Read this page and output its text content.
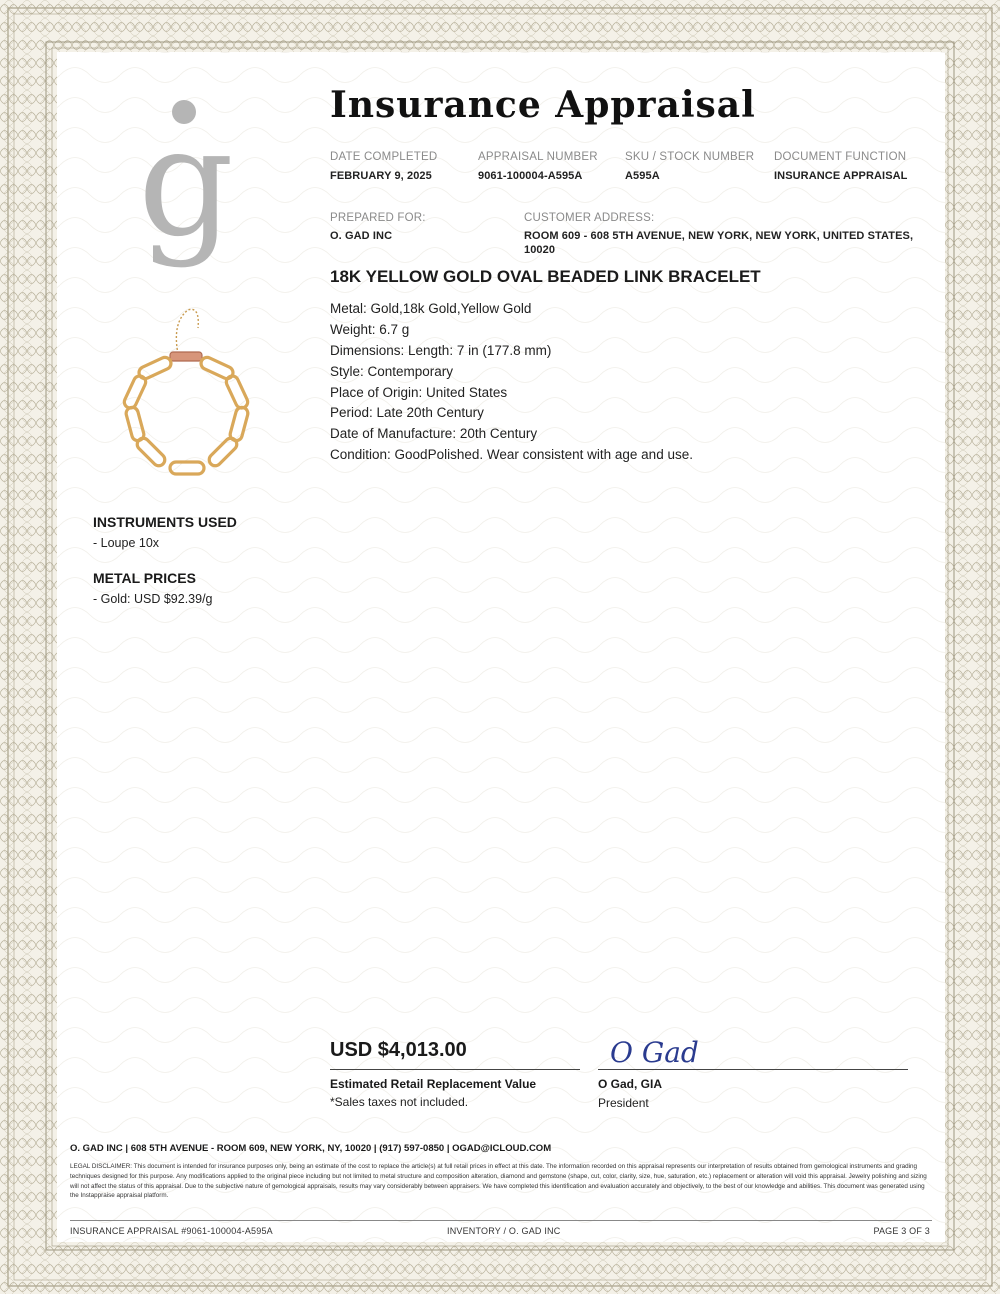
g	Insurance Appraisal
DATE COMPLETED
FEBRUARY 9, 2025
APPRAISAL NUMBER
9061-100004-A595A
SKU / STOCK NUMBER
A595A
DOCUMENT FUNCTION
INSURANCE APPRAISAL
PREPARED FOR:
O. GAD INC
CUSTOMER ADDRESS:
ROOM 609 - 608 5TH AVENUE, NEW YORK, NEW YORK, UNITED STATES,
10020
18K YELLOW GOLD OVAL BEADED LINK BRACELET
Metal: Gold,18k Gold,Yellow Gold
Weight: 6.7 g
Dimensions: Length: 7 in (177.8 mm)
Style: Contemporary
Place of Origin: United States
Period: Late 20th Century
Date of Manufacture: 20th Century
Condition: GoodPolished. Wear consistent with age and use.
INSTRUMENTS USED
- Loupe 10x
METAL PRICES
- Gold: USD $92.39/g
USD $4,013.00
Estimated Retail Replacement Value
*Sales taxes not included.
O Gad
O Gad, GIA
President
O. GAD INC | 608 5TH AVENUE - ROOM 609, NEW YORK, NY, 10020 | (917) 597-0850 | OGAD@ICLOUD.COM
LEGAL DISCLAIMER: This document is intended for insurance purposes only, being an estimate of the cost to replace the article(s) at full retail prices in effect at this date. The information recorded on this appraisal represents our interpretation of results obtained from gemological instruments and grading techniques designed for this purpose. Any modifications applied to the original piece including but not limited to metal structure and composition alteration, diamond and gemstone (shape, cut, color, clarity, size, hue, saturation, etc.) replacement or alteration will void this appraisal. Jewelry polishing and sizing will not affect the status of this appraisal. Due to the subjective nature of gemological appraisals, results may vary considerably between appraisers. We have completed this identification and evaluation accurately and objectively, to the best of our knowledge and abilities. This document was generated using the Instappraise appraisal platform.
INSURANCE APPRAISAL #9061-100004-A595A	INVENTORY / O. GAD INC	PAGE 3 OF 3
